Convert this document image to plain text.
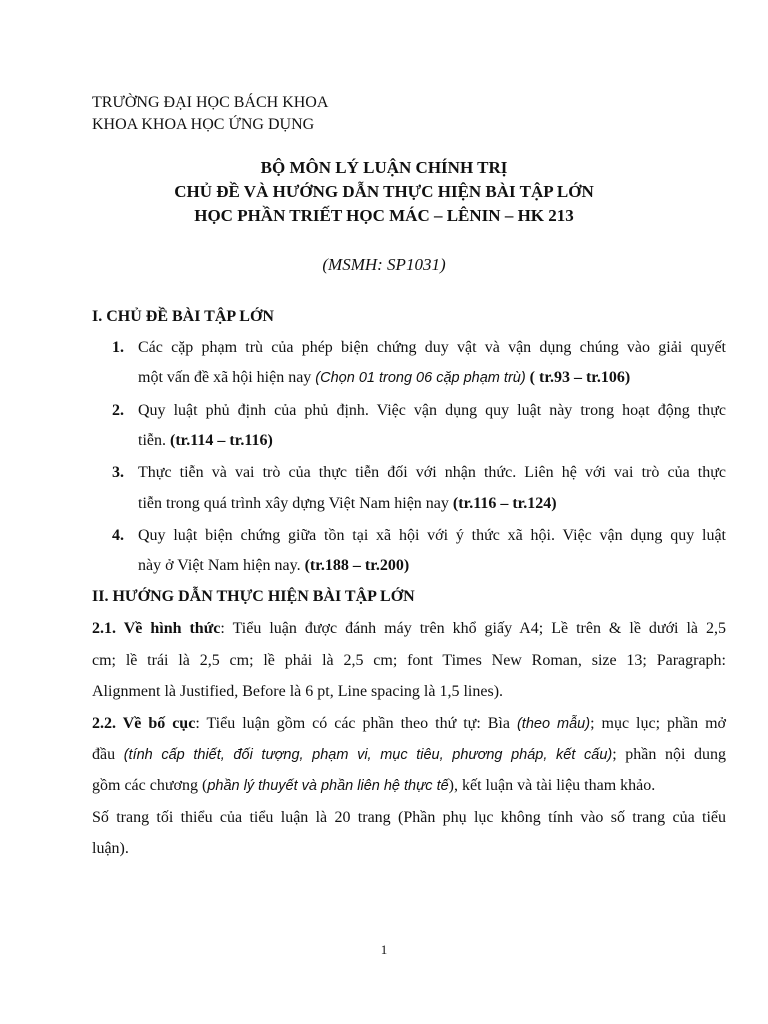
TRƯỜNG ĐẠI HỌC BÁCH KHOA
KHOA KHOA HỌC ỨNG DỤNG
BỘ MÔN LÝ LUẬN CHÍNH TRỊ
CHỦ ĐỀ VÀ HƯỚNG DẪN THỰC HIỆN BÀI TẬP LỚN
HỌC PHẦN TRIẾT HỌC MÁC – LÊNIN – HK 213
(MSMH: SP1031)
I. CHỦ ĐỀ BÀI TẬP LỚN
1. Các cặp phạm trù của phép biện chứng duy vật và vận dụng chúng vào giải quyết
một vấn đề xã hội hiện nay (Chọn 01 trong 06 cặp phạm trù) ( tr.93 – tr.106)
2. Quy luật phủ định của phủ định. Việc vận dụng quy luật này trong hoạt động thực
tiễn. (tr.114 – tr.116)
3. Thực tiễn và vai trò của thực tiễn đối với nhận thức. Liên hệ với vai trò của thực
tiễn trong quá trình xây dựng Việt Nam hiện nay (tr.116 – tr.124)
4. Quy luật biện chứng giữa tồn tại xã hội với ý thức xã hội. Việc vận dụng quy luật
này ở Việt Nam hiện nay. (tr.188 – tr.200)
II. HƯỚNG DẪN THỰC HIỆN BÀI TẬP LỚN
2.1. Về hình thức: Tiểu luận được đánh máy trên khổ giấy A4; Lề trên & lề dưới là 2,5
cm; lề trái là 2,5 cm; lề phải là 2,5 cm; font Times New Roman, size 13; Paragraph:
Alignment là Justified, Before là 6 pt, Line spacing là 1,5 lines).
2.2. Về bố cục: Tiểu luận gồm có các phần theo thứ tự: Bìa (theo mẫu); mục lục; phần mở
đầu (tính cấp thiết, đối tượng, phạm vi, mục tiêu, phương pháp, kết cấu); phần nội dung
gồm các chương (phần lý thuyết và phần liên hệ thực tế), kết luận và tài liệu tham khảo.
Số trang tối thiểu của tiểu luận là 20 trang (Phần phụ lục không tính vào số trang của tiểu
luận).
1
